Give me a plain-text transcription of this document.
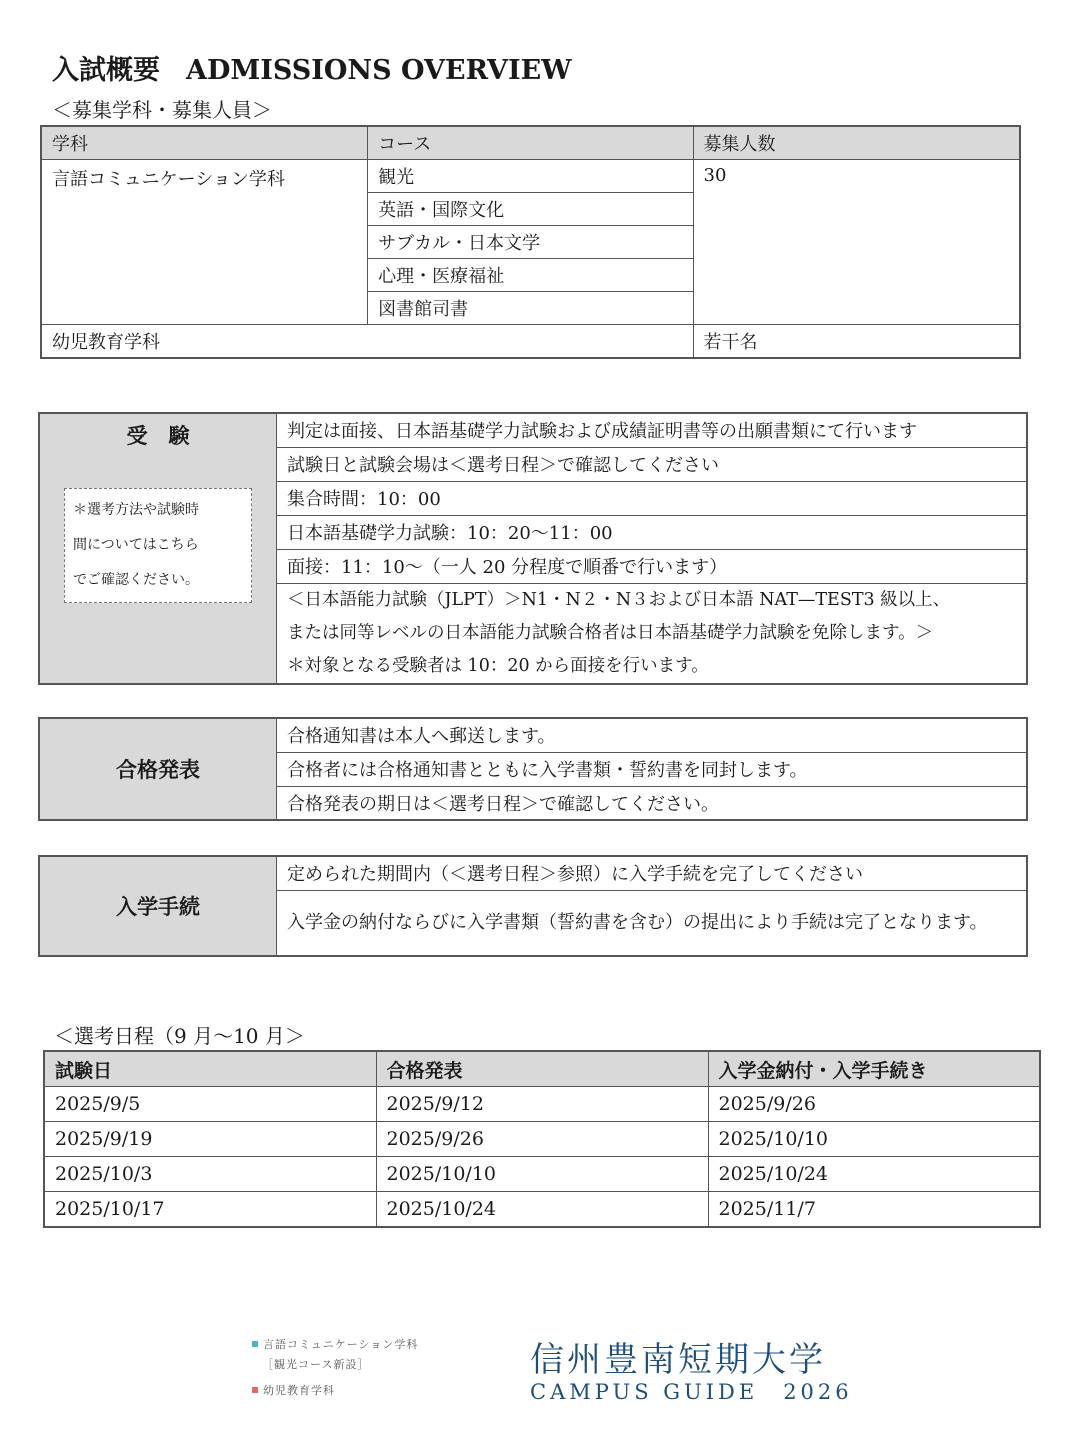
入試概要 ADMISSIONS OVERVIEW
＜募集学科・募集人員＞
学科	コース	募集人数
言語コミュニケーション学科	観光	30
	英語・国際文化	
	サブカル・日本文学	
	心理・医療福祉	
	図書館司書	
幼児教育学科		若干名
受　験
＊選考方法や試験時
間についてはこちら
でご確認ください。
	判定は面接、日本語基礎学力試験および成績証明書等の出願書類にて行います
試験日と試験会場は＜選考日程＞で確認してください
集合時間：10：00
日本語基礎学力試験：10：20〜11：00
面接：11：10〜（一人 20 分程度で順番で行います）

＜日本語能力試験（JLPT）＞N1・N２・N３および日本語 NAT—TEST3 級以上、
または同等レベルの日本語能力試験合格者は日本語基礎学力試験を免除します。＞
＊対象となる受験者は 10：20 から面接を行います。
合格発表	合格通知書は本人へ郵送します。
合格者には合格通知書とともに入学書類・誓約書を同封します。
合格発表の期日は＜選考日程＞で確認してください。
入学手続	定められた期間内（＜選考日程＞参照）に入学手続を完了してください
入学金の納付ならびに入学書類（誓約書を含む）の提出により手続は完了となります。
＜選考日程（9 月〜10 月＞
試験日	合格発表	入学金納付・入学手続き
2025/9/5	2025/9/12	2025/9/26
2025/9/19	2025/9/26	2025/10/10
2025/10/3	2025/10/10	2025/10/24
2025/10/17	2025/10/24	2025/11/7
言語コミュニケーション学科
［観光コース新設］
幼児教育学科
信州豊南短期大学
CAMPUS GUIDE　2026
